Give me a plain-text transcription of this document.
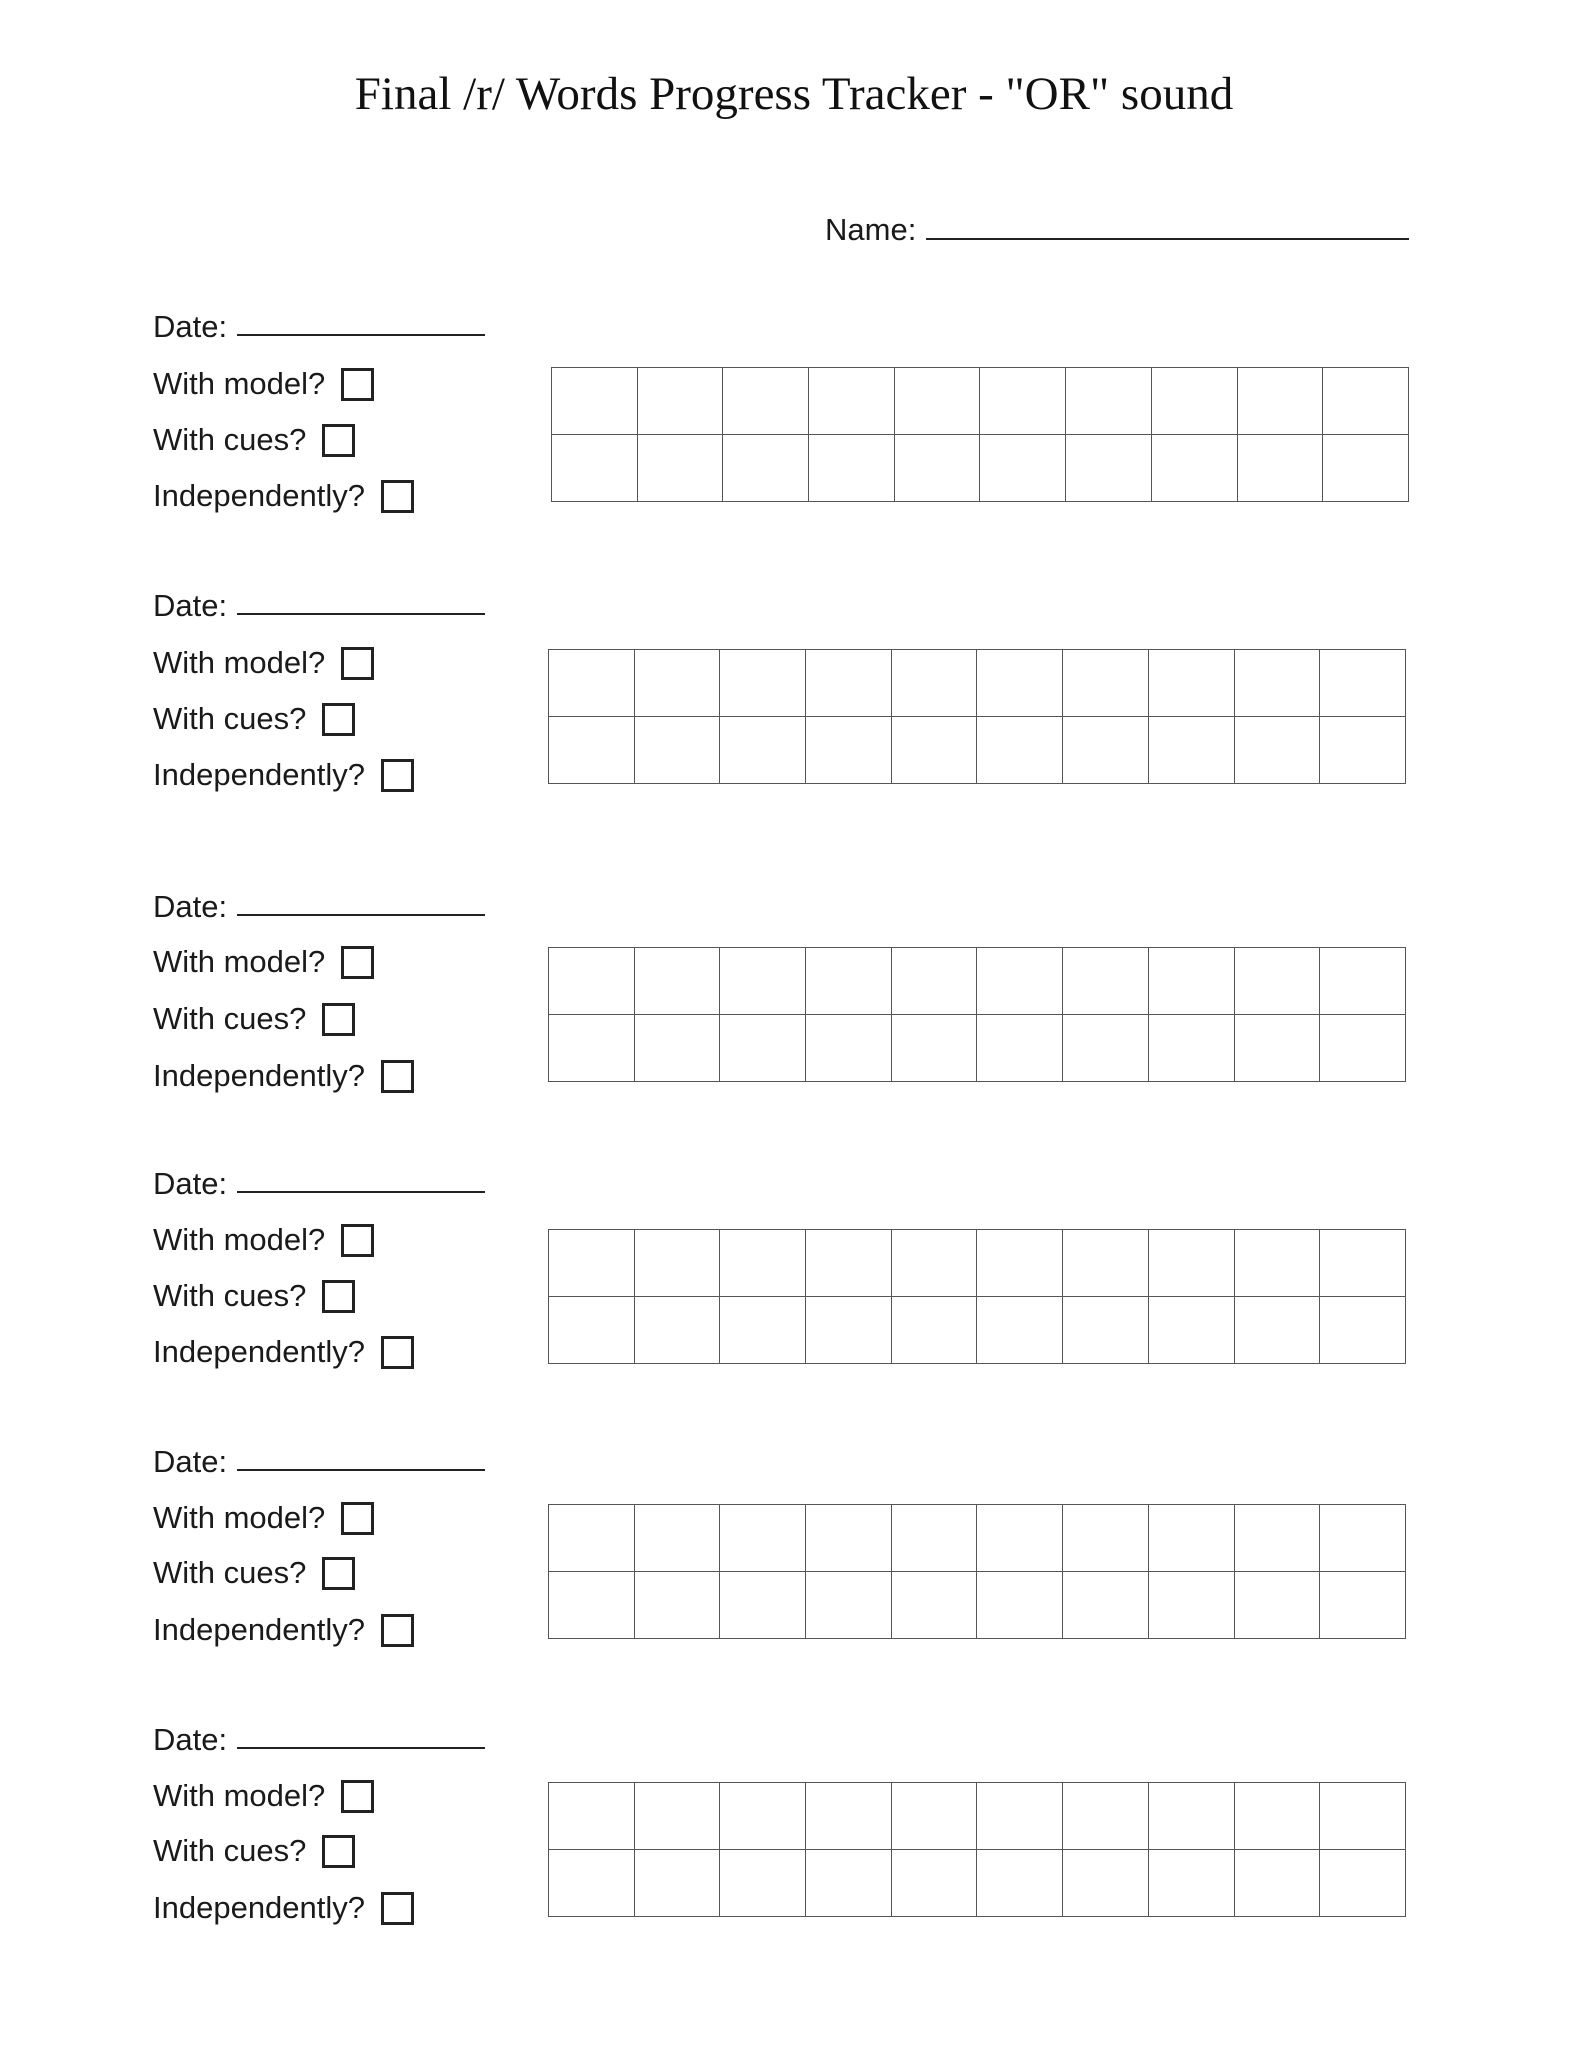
Final /r/ Words Progress Tracker - "OR" sound
Name:
Date:
With model?
With cues?
Independently?
Date:
With model?
With cues?
Independently?
Date:
With model?
With cues?
Independently?
Date:
With model?
With cues?
Independently?
Date:
With model?
With cues?
Independently?
Date:
With model?
With cues?
Independently?
